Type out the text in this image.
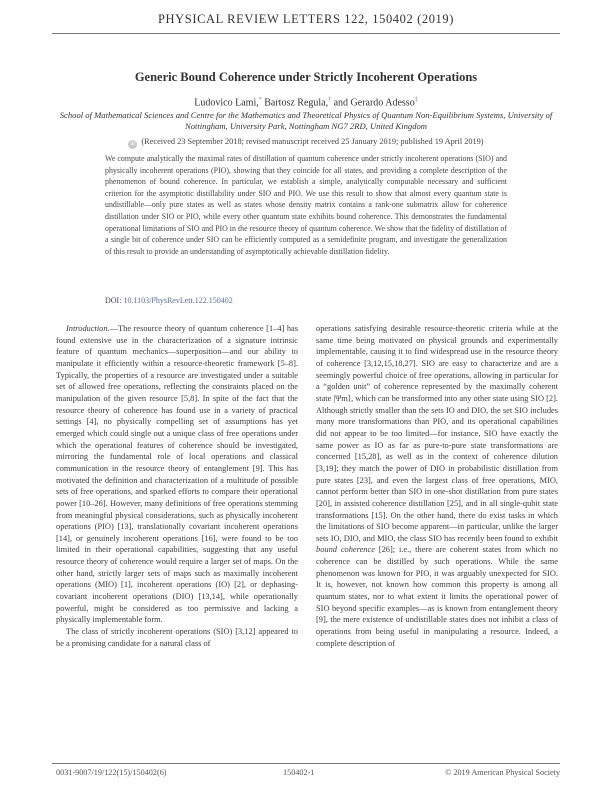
PHYSICAL REVIEW LETTERS 122, 150402 (2019)
Generic Bound Coherence under Strictly Incoherent Operations
Ludovico Lami,* Bartosz Regula,† and Gerardo Adesso‡
School of Mathematical Sciences and Centre for the Mathematics and Theoretical Physics of Quantum Non-Equilibrium Systems, University of Nottingham, University Park, Nottingham NG7 2RD, United Kingdom
iD (Received 23 September 2018; revised manuscript received 25 January 2019; published 19 April 2019)
We compute analytically the maximal rates of distillation of quantum coherence under strictly incoherent operations (SIO) and physically incoherent operations (PIO), showing that they coincide for all states, and providing a complete description of the phenomenon of bound coherence. In particular, we establish a simple, analytically computable necessary and sufficient criterion for the asymptotic distillability under SIO and PIO. We use this result to show that almost every quantum state is undistillable—only pure states as well as states whose density matrix contains a rank-one submatrix allow for coherence distillation under SIO or PIO, while every other quantum state exhibits bound coherence. This demonstrates the fundamental operational limitations of SIO and PIO in the resource theory of quantum coherence. We show that the fidelity of distillation of a single bit of coherence under SIO can be efficiently computed as a semidefinite program, and investigate the generalization of this result to provide an understanding of asymptotically achievable distillation fidelity.
DOI: 10.1103/PhysRevLett.122.150402

Introduction.—The resource theory of quantum coherence [1–4] has found extensive use in the characterization of a signature intrinsic feature of quantum mechanics—superposition—and our ability to manipulate it efficiently within a resource-theoretic framework [5–8]. Typically, the properties of a resource are investigated under a suitable set of allowed free operations, reflecting the constraints placed on the manipulation of the given resource [5,8]. In spite of the fact that the resource theory of coherence has found use in a variety of practical settings [4], no physically compelling set of assumptions has yet emerged which could single out a unique class of free operations under which the operational features of coherence should be investigated, mirroring the fundamental role of local operations and classical communication in the resource theory of entanglement [9]. This has motivated the definition and characterization of a multitude of possible sets of free operations, and sparked efforts to compare their operational power [10–26]. However, many definitions of free operations stemming from meaningful physical considerations, such as physically incoherent operations (PIO) [13], translationally covariant incoherent operations [14], or genuinely incoherent operations [16], were found to be too limited in their operational capabilities, suggesting that any useful resource theory of coherence would require a larger set of maps. On the other hand, strictly larger sets of maps such as maximally incoherent operations (MIO) [1], incoherent operations (IO) [2], or dephasing-covariant incoherent operations (DIO) [13,14], while operationally powerful, might be considered as too permissive and lacking a physically implementable form.

The class of strictly incoherent operations (SIO) [3,12] appeared to be a promising candidate for a natural class of

operations satisfying desirable resource-theoretic criteria while at the same time being motivated on physical grounds and experimentally implementable, causing it to find widespread use in the resource theory of coherence [3,12,15,18,27]. SIO are easy to characterize and are a seemingly powerful choice of free operations, allowing in particular for a “golden unit” of coherence represented by the maximally coherent state |Ψm⟩, which can be transformed into any other state using SIO [2]. Although strictly smaller than the sets IO and DIO, the set SIO includes many more transformations than PIO, and its operational capabilities did not appear to be too limited—for instance, SIO have exactly the same power as IO as far as pure-to-pure state transformations are concerned [15,28], as well as in the context of coherence dilution [3,19]; they match the power of DIO in probabilistic distillation from pure states [23], and even the largest class of free operations, MIO, cannot perform better than SIO in one-shot distillation from pure states [20], in assisted coherence distillation [25], and in all single-qubit state transformations [15]. On the other hand, there do exist tasks in which the limitations of SIO become apparent—in particular, unlike the larger sets IO, DIO, and MIO, the class SIO has recently been found to exhibit bound coherence [26]; i.e., there are coherent states from which no coherence can be distilled by such operations. While the same phenomenon was known for PIO, it was arguably unexpected for SIO. It is, however, not known how common this property is among all quantum states, nor to what extent it limits the operational power of SIO beyond specific examples—as is known from entanglement theory [9], the mere existence of undistillable states does not inhibit a class of operations from being useful in manipulating a resource. Indeed, a complete description of

0031-9007/19/122(15)/150402(6)	150402-1	© 2019 American Physical Society
